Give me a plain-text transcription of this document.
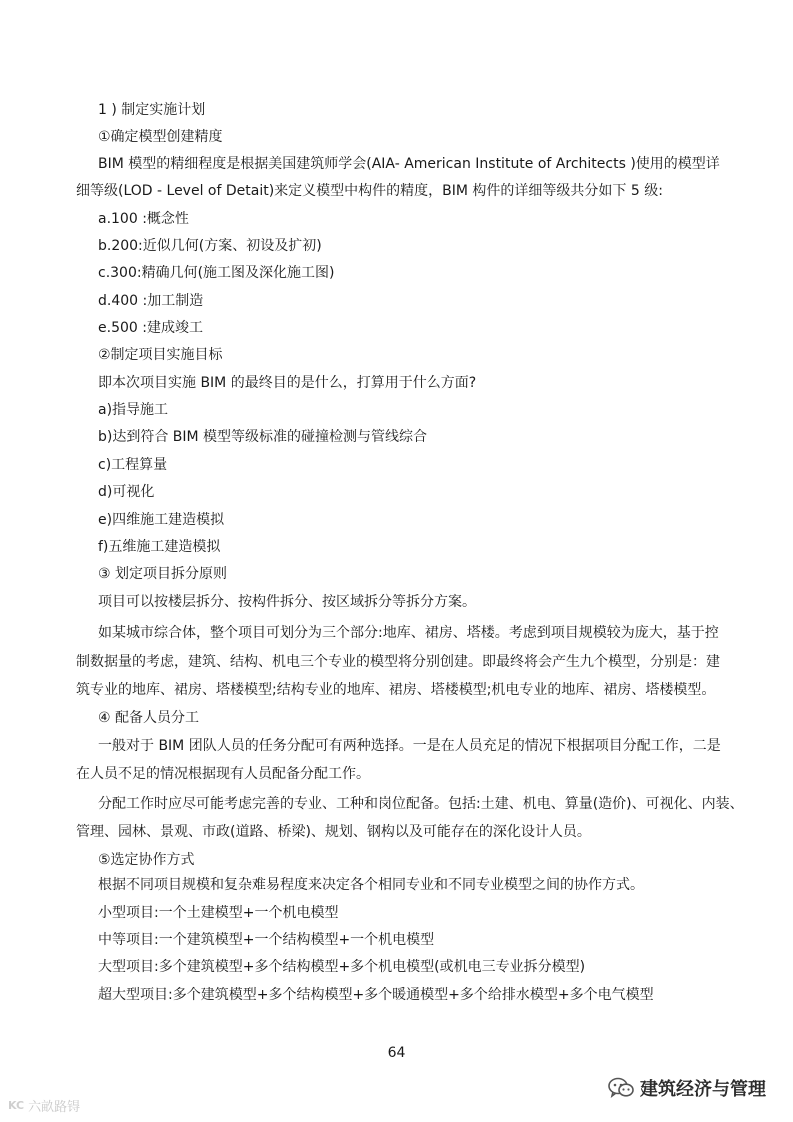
1 ) 制定实施计划
①确定模型创建精度
BIM 模型的精细程度是根据美国建筑师学会(AIA- American Institute of Architects )使用的模型详
细等级(LOD - Level of Detait)来定义模型中构件的精度，BIM 构件的详细等级共分如下 5 级:
a.100 :概念性
b.200:近似几何(方案、初设及扩初)
c.300:精确几何(施工图及深化施工图)
d.400 :加工制造
e.500 :建成竣工
②制定项目实施目标
即本次项目实施 BIM 的最终目的是什么，打算用于什么方面?
a)指导施工
b)达到符合 BIM 模型等级标准的碰撞检测与管线综合
c)工程算量
d)可视化
e)四维施工建造模拟
f)五维施工建造模拟
③ 划定项目拆分原则
项目可以按楼层拆分、按构件拆分、按区域拆分等拆分方案。
如某城市综合体，整个项目可划分为三个部分:地库、裙房、塔楼。考虑到项目规模较为庞大，基于控
制数据量的考虑，建筑、结构、机电三个专业的模型将分别创建。即最终将会产生九个模型，分别是：建
筑专业的地库、裙房、塔楼模型;结构专业的地库、裙房、塔楼模型;机电专业的地库、裙房、塔楼模型。
④ 配备人员分工
一般对于 BIM 团队人员的任务分配可有两种选择。一是在人员充足的情况下根据项目分配工作，二是
在人员不足的情况根据现有人员配备分配工作。
分配工作时应尽可能考虑完善的专业、工种和岗位配备。包括:土建、机电、算量(造价)、可视化、内装、
管理、园林、景观、市政(道路、桥梁)、规划、钢构以及可能存在的深化设计人员。
⑤选定协作方式
根据不同项目规模和复杂难易程度来决定各个相同专业和不同专业模型之间的协作方式。
小型项目:一个土建模型+一个机电模型
中等项目:一个建筑模型+一个结构模型+一个机电模型
大型项目:多个建筑模型+多个结构模型+多个机电模型(或机电三专业拆分模型)
超大型项目:多个建筑模型+多个结构模型+多个暖通模型+多个给排水模型+多个电气模型
64
KC 六畝路锝
建筑经济与管理
